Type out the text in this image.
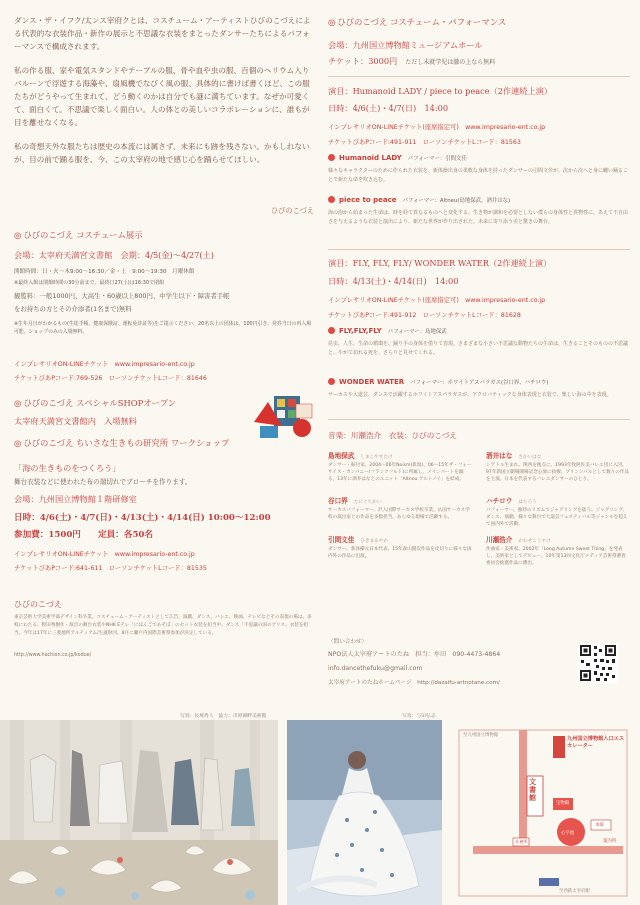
ダンス・ザ・イフク/太ンス宰府クとは、コスチューム・アーティストひびのこづえによる代表的な衣装作品・新作の展示と不思議な衣装をまとったダンサーたちによるパフォーマンスで構成されます。

私の作る服、家や電気スタンドやテーブルの服、骨や血や虫の服、百個のヘリウム入りバルーンで浮遊する海藻や、扇風機でなびく風の服、具体的に書けば書くほど、この服たちがどうやって生まれて、どう動くのかは自分でも謎に満ちています。なぜか可愛くて、面白くて。不思議で楽しく面白い。人の体との美しいコラボレーションに、誰もが目を離せなくなる。

私の奇想天外な服たちは歴史の本流には属さず、未来にも跡を残さない。かもしれないが、目の前で踊る服を、今、この太宰府の地で感じ心を踊らせてほしい。

ひびのこづえ

◎ ひびのこづえ コスチューム展示

会場：太宰府天満宮文書館　会期：4/5(金)〜4/27(土)

開館時間：日・火〜木9:00〜16:30／金・土　9:00〜19:30　月曜休館

※最終入館は閉館時間の30分前まで。最終日27(土)は16:30で閉館

観覧料：一般1000円、大高生・60歳以上800円、中学生以下・障害者手帳

をお持ちの方とその介添者(1名まで)無料

※生年月日がわかるもの(生徒手帳、健康保険証、運転免許証等)をご提示ください。20名以上の団体は、100円引き。発券当日の再入場可能。ショップのみの入場無料。

インプレサリオON-LINEチケット　www.impresario-ent.co.jp

チケットぴあPコード:769-526　ローソンチケットLコード：81646

◎ ひびのこづえ スペシャルSHOPオープン

太宰府天満宮文書館内　入場無料

◎ ひびのこづえ ちいさな生きもの研究所 ワークショップ

「海の生きものをつくろう」

舞台衣装などに使われた布の端切れでブローチを作ります。

会場：九州国立博物館１階研修室

日時：4/6(土)・4/7(日)・4/13(土)・4/14(日) 10:00〜12:00

参加費：1500円　　定員：各50名

インプレサリオON-LINEチケット　www.impresario-ent.co.jp

チケットぴあPコード:641-611　ローソンチケットLコード：81535

ひびのこづえ

東京芸術大学美術学部デザイン科卒業。コスチューム・アーティストとして広告、演劇、ダンス、バレエ、映画、テレビなどその表現の場は、多岐にわたる。野田秀樹作・演出の舞台衣装やNHK Eテレ「にほんごであそぼ」のセット衣装を担当中。ダンス「不思議の国のアリス」衣装を担当。今年は17年に三菱地所アルティアム/生誕財団、8月に瀬戸内国際芸術祭参加が決定している。

http://www.hachion.co.jp/kodue/

◎ ひびのこづえ コスチューム・パフォーマンス

会場：九州国立博物館ミュージアムホール

チケット：3000円 ただし未就学児は膝の上なら無料

演目：Humanoid LADY / piece to peace（2作連続上演）

日時：4/6(土)・4/7(日)　14:00

インプレサリオON-LINEチケット(座席指定可)　www.impresario-ent.co.jp

チケットぴあPコード:491-911　ローソンチケットLコード：81563

Humanoid LADY パフォーマー：引間文佳

様々なキャラクターのために作られた衣装を、新体操出身の柔軟な身体を持ったダンサーの引間文佳が、次から次へと身に纏い踊ることで新たな命を吹き込む。

piece to peace パフォーマー：Altneu(島地保武、酒井はな)

海の泡から始まった生命は、時を経て異なるものへと変化する。生き物が調和を必要としない僕らの身体性と異物性に、あえて不自由さを与えるような衣装と演出により、新たな世界が作り出された。未来に寄り添う美と驚きの舞台。

演目：FLY, FLY, FLY/ WONDER WATER（2作連続上演）

日時：4/13(土)・4/14(日)　14:00

インプレサリオON-LINEチケット(座席指定可)　www.impresario-ent.co.jp

チケットぴあPコード:491-912　ローソンチケットLコード：81628

FLY,FLY,FLY パフォーマー：島地保武

昆虫、人生、生命の循環を、踊り手の身体を借りて表現。さまざまな小さい不思議な動物たちの生命は、生きることそのものの不思議と、やがて訪れる死を、さらりと見せてくれる。

WONDER WATER パフォーマー：ホワイトアスパラガス(谷口界、ハチロウ)

サーカスや大道芸、ダンスで活躍するホワイトアスパラガスが、アクロバティックな身体表現と衣装で、楽しい海の中を表現。

音楽：川瀬浩介　 衣装：ひびのこづえ

島地保武 しまじやすたけ

ダンサー・振付家。2004〜06年Noism(新潟)、06〜15年ザ・フォーサイス・カンパニー(フランクフルト)に所属し、メインパートを踊る。13年に酒井はなとのユニット「Altneu アルトノイ」を結成。

酒井はな さかいはな

シアトル生まれ。関西を拠点に、1993年牧阿佐美バレエ団に入団。97年新国立劇場開場記念公演に抜擢。プリンシパルとして数々の作品を主演。日本を代表するバレエダンサーのひとり。

谷口界 たにぐちかい

サーカスパフォーマー。沢入国際サーカス学校卒業。仏国サーカス学校の演出家との作品を多数担当。あらゆる現場で活躍する。

ハチロウ はちろう

パフォーマー。独特のリズムでジャグリングを扱う。ジャグリング、ダンス、演劇、様々な舞台で大道芸フェスティバル等ジャンルを超えて国内外で活動。

引間文佳 ひきまあやか

ダンサー。新体操元日本代表。15年森山開次作品を皮切りに様々な国内外の作品に出演。

川瀬浩介 かわせこうすけ

作曲家・美術家。2002年「Long Autumn Sweet Thing」を発表し、美術家としてデビュー。10年第13回文化庁メディア芸術祭審査委員会推薦作品に選出。

〈問い合わせ〉

NPO法人太宰府アートのたね　担当：牟田　090-4473-4864

info.dancethefuku@gmail.com

太宰府アートのたねホームページ　http://dazaifu-artnotane.com/

写真：長塚秀人　協力：市原湖畔美術館	写真：与田弘志

至九州国立博物館
九州国立博物館入口エスカレーター
文書館
宝物殿
本殿
心字池
案内所
社務所
至西鉄太宰府駅
